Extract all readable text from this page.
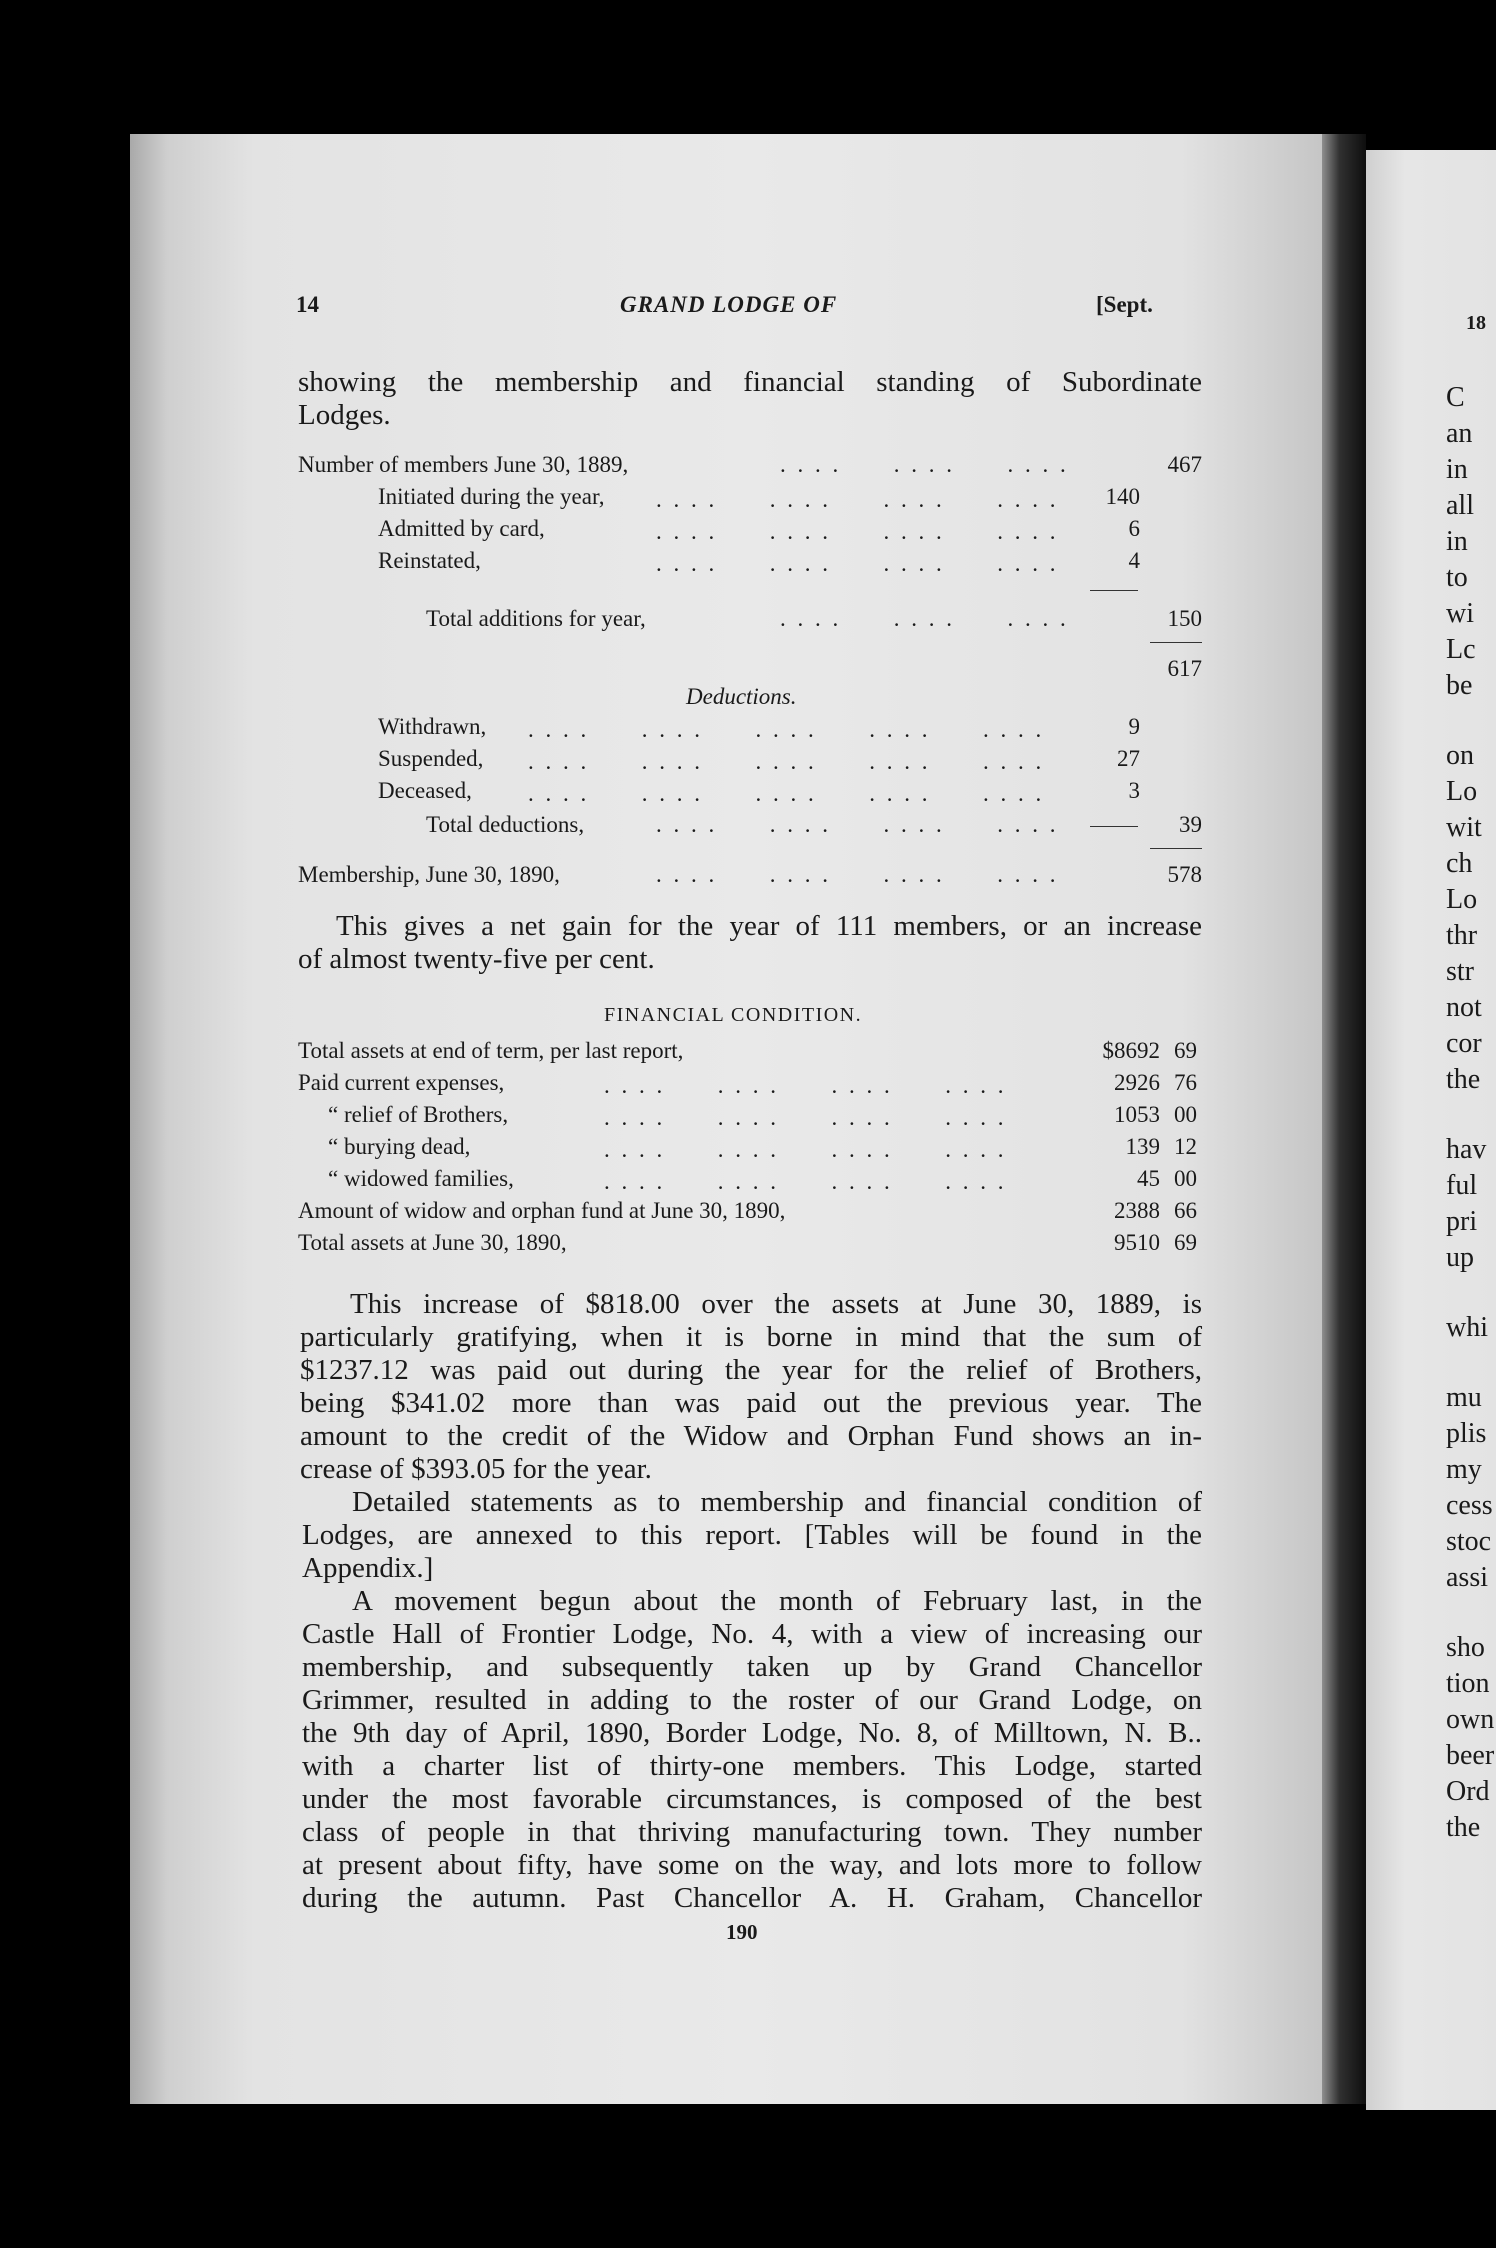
14	GRAND LODGE OF	[Sept.
showing the membership and financial standing of Subordinate
Lodges.
Number of members June 30, 1889,	. . . .      . . . .      . . . .	467
Initiated during the year,	140
Admitted by card,	6
Reinstated,	4
. . . .      . . . .      . . . .      . . . .
. . . .      . . . .      . . . .      . . . .
. . . .      . . . .      . . . .      . . . .
Total additions for year,	. . . .      . . . .      . . . .	150
617
Deductions.
Withdrawn,	9
Suspended,	27
Deceased,	3
. . . .      . . . .      . . . .      . . . .      . . . .
. . . .      . . . .      . . . .      . . . .      . . . .
. . . .      . . . .      . . . .      . . . .      . . . .
Total deductions,	. . . .      . . . .      . . . .      . . . .	39
Membership, June 30, 1890,	. . . .      . . . .      . . . .      . . . .	578
This gives a net gain for the year of 111 members, or an increase
of almost twenty-five per cent.
FINANCIAL CONDITION.
Total assets at end of term, per last report,	$8692 69
Paid current expenses,	2926 76
“ relief of Brothers,	1053 00
“ burying dead,	139 12
“ widowed families,	45 00
Amount of widow and orphan fund at June 30, 1890,	2388 66
Total assets at June 30, 1890,	9510 69
. . . .      . . . .      . . . .      . . . .
. . . .      . . . .      . . . .      . . . .
. . . .      . . . .      . . . .      . . . .
. . . .      . . . .      . . . .      . . . .
This increase of $818.00 over the assets at June 30, 1889, is
particularly gratifying, when it is borne in mind that the sum of
$1237.12 was paid out during the year for the relief of Brothers,
being $341.02 more than was paid out the previous year. The
amount to the credit of the Widow and Orphan Fund shows an in-
crease of $393.05 for the year.
Detailed statements as to membership and financial condition of
Lodges, are annexed to this report. [Tables will be found in the
Appendix.]
A movement begun about the month of February last, in the
Castle Hall of Frontier Lodge, No. 4, with a view of increasing our
membership, and subsequently taken up by Grand Chancellor
Grimmer, resulted in adding to the roster of our Grand Lodge, on
the 9th day of April, 1890, Border Lodge, No. 8, of Milltown, N. B..
with a charter list of thirty-one members. This Lodge, started
under the most favorable circumstances, is composed of the best
class of people in that thriving manufacturing town. They number
at present about fifty, have some on the way, and lots more to follow
during the autumn. Past Chancellor A. H. Graham, Chancellor
190
18
C
an
in
all
in
to
wi
Lc
be
on
Lo
wit
ch
Lo
thr
str
not
cor
the
hav
ful
pri
up
whi
mu
plis
my
cess
stoc
assi
sho
tion
own
beer
Ord
the
